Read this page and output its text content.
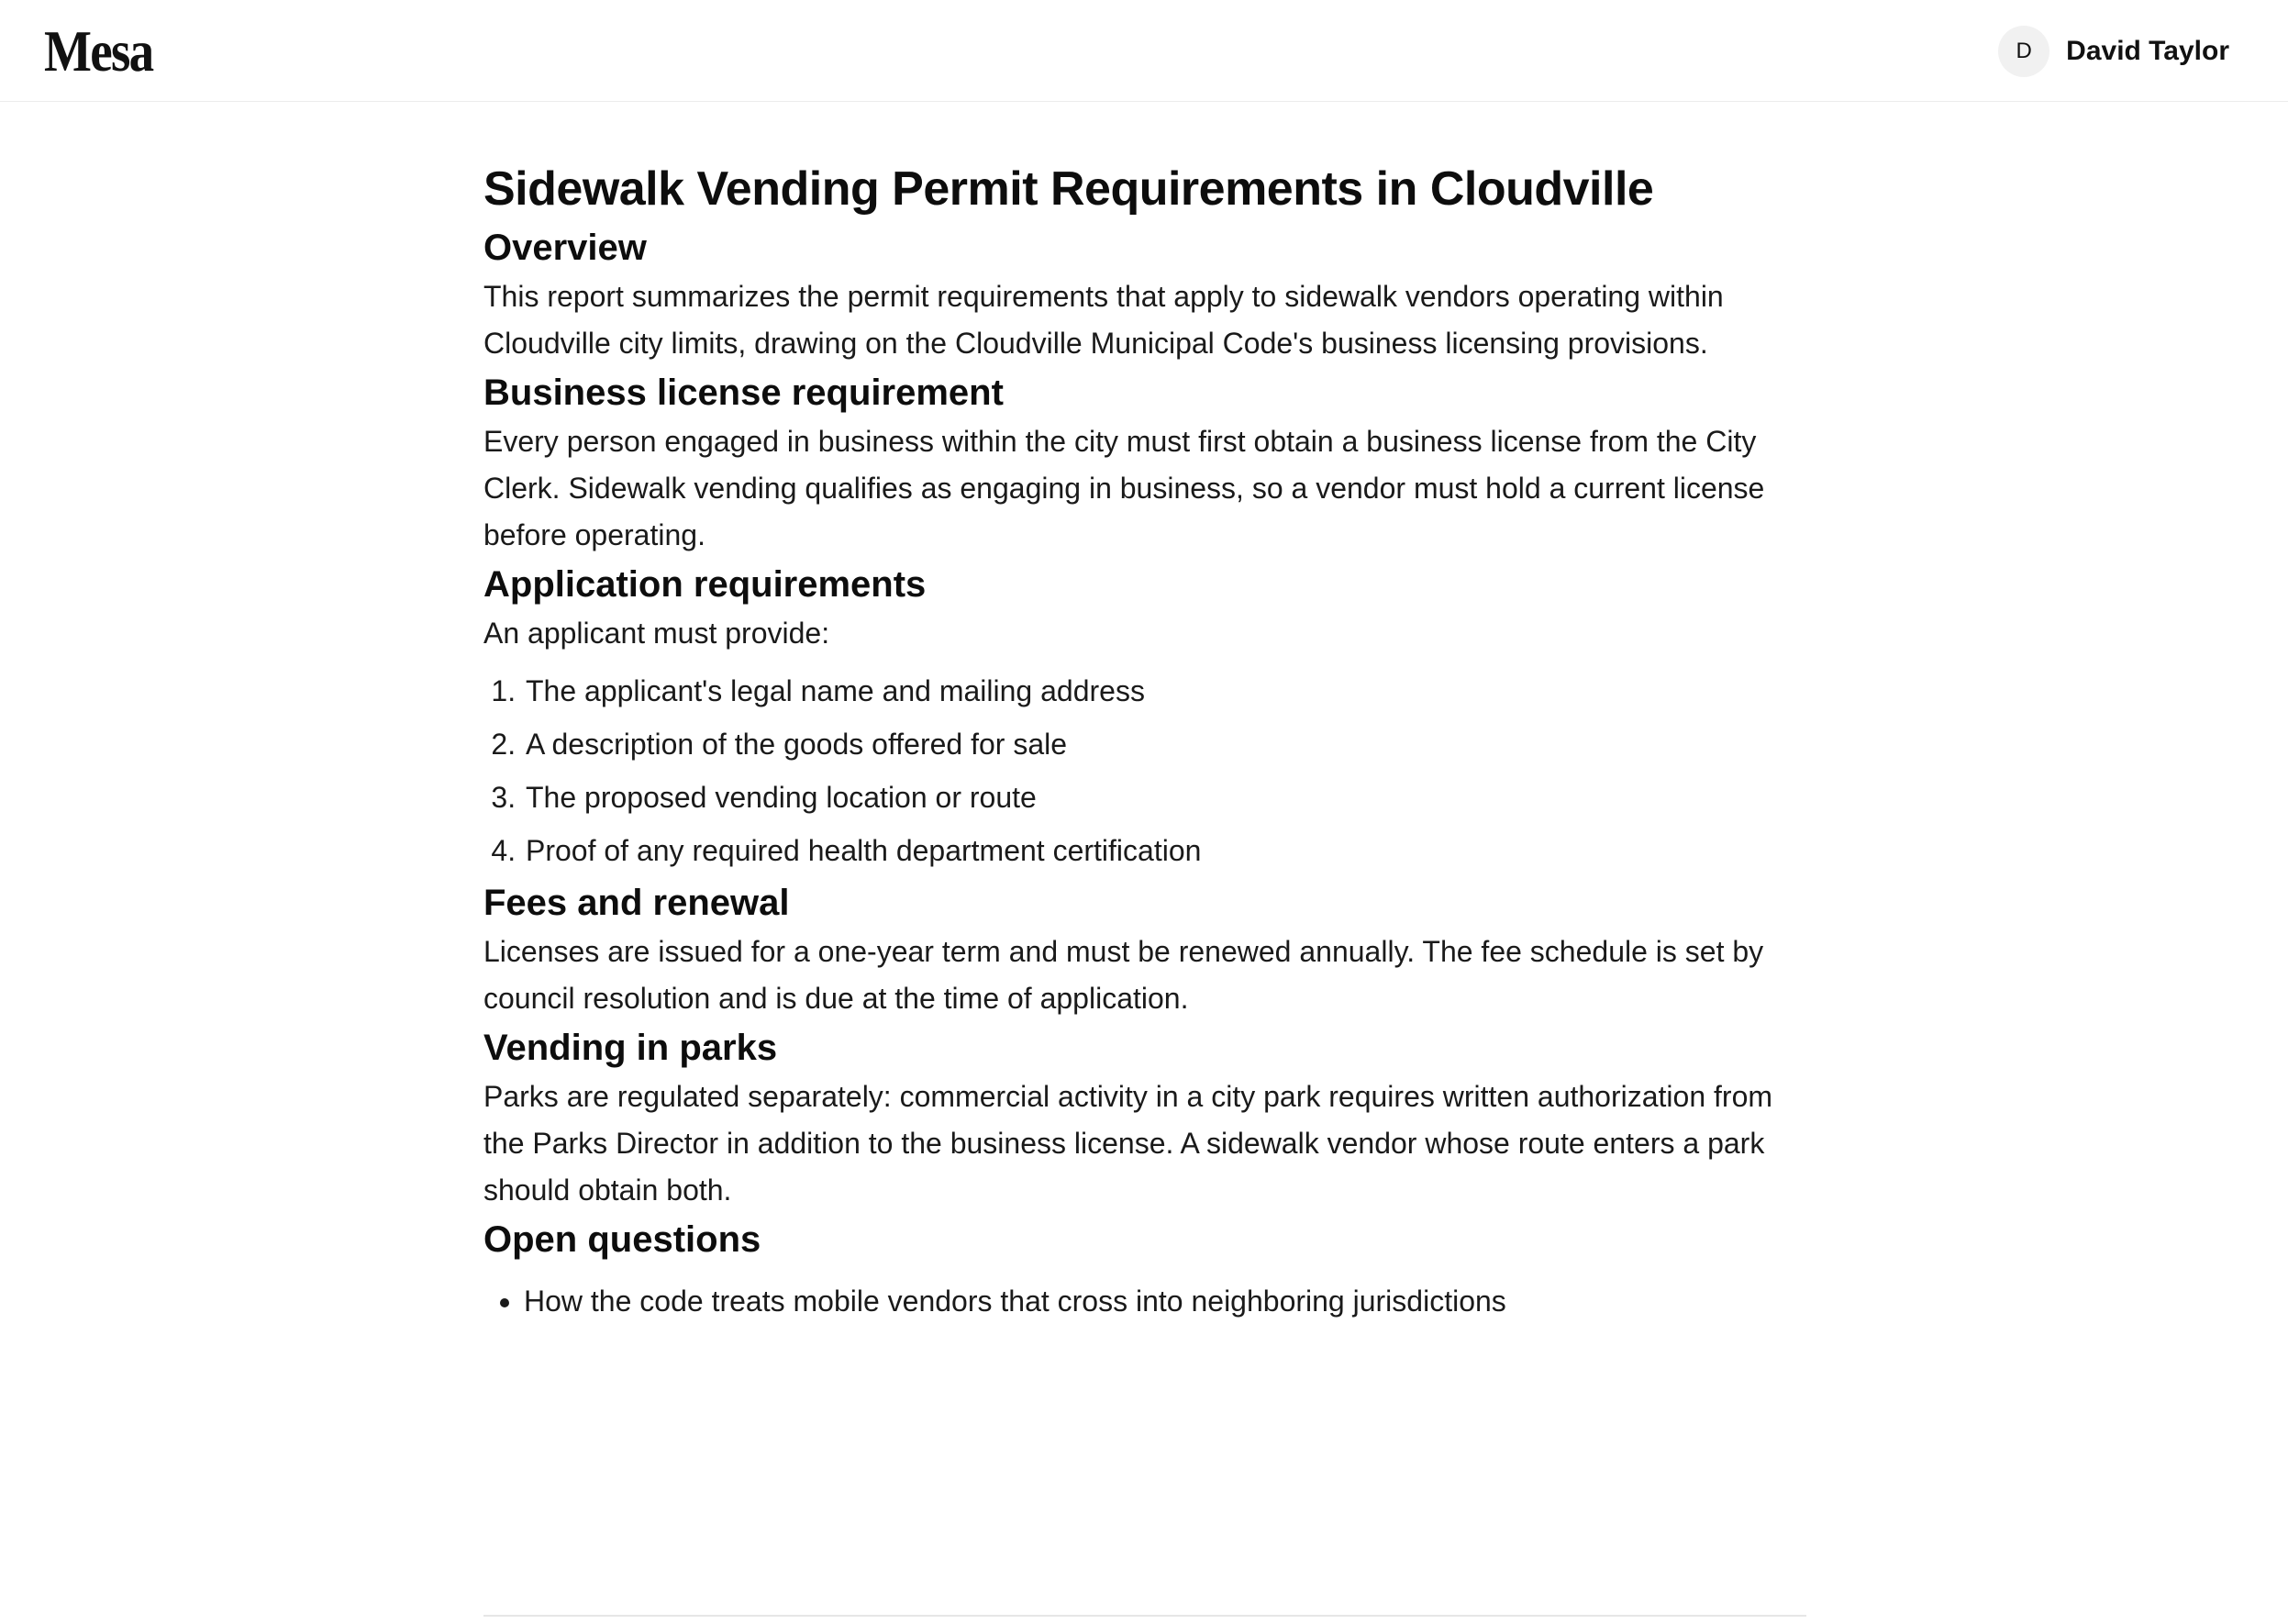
Mesa	D	David Taylor
Sidewalk Vending Permit Requirements in Cloudville
Overview

This report summarizes the permit requirements that apply to sidewalk vendors operating within Cloudville city limits, drawing on the Cloudville Municipal Code's business licensing provisions.

Business license requirement

Every person engaged in business within the city must first obtain a business license from the City Clerk. Sidewalk vending qualifies as engaging in business, so a vendor must hold a current license before operating.

Application requirements

An applicant must provide:

1. The applicant's legal name and mailing address
2. A description of the goods offered for sale
3. The proposed vending location or route
4. Proof of any required health department certification
Fees and renewal

Licenses are issued for a one-year term and must be renewed annually. The fee schedule is set by council resolution and is due at the time of application.

Vending in parks

Parks are regulated separately: commercial activity in a city park requires written authorization from the Parks Director in addition to the business license. A sidewalk vendor whose route enters a park should obtain both.

Open questions
• How the code treats mobile vendors that cross into neighboring jurisdictions
